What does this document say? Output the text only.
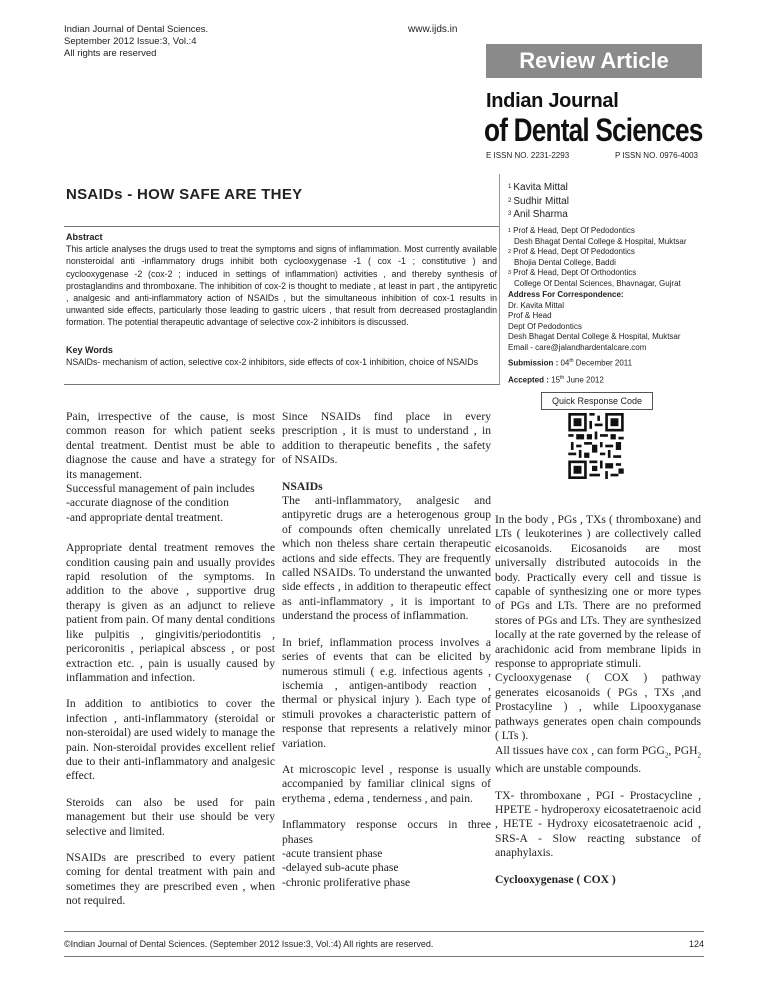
Indian Journal of Dental Sciences.
September 2012 Issue:3, Vol.:4
All rights are reserved
www.ijds.in
Review Article
Indian Journal
of Dental Sciences
E ISSN NO. 2231-2293	P ISSN NO. 0976-4003
NSAIDs - HOW SAFE ARE THEY
Abstract
This article analyses the drugs used to treat the symptoms and signs of inflammation. Most currently available nonsteroidal anti -inflammatory drugs inhibit both cyclooxygenase -1 ( cox -1 ; constitutive ) and cyclooxygenase -2 (cox-2 ; induced in settings of inflammation) activities , and thereby synthesis of prostaglandins and thromboxane. The inhibition of cox-2 is thought to mediate , at least in part , the antipyretic , analgesic and anti-inflammatory action of NSAIDs , but the simultaneous inhibition of cox-1 results in unwanted side effects, particularly those leading to gastric ulcers , that result from decreased prostaglandin formation. The potential therapeutic advantage of selective cox-2 inhibitors is discussed.
Key Words
NSAIDs- mechanism of action, selective cox-2 inhibitors, side effects of cox-1 inhibition, choice of NSAIDs
$^1$ Kavita Mittal
$^2$ Sudhir Mittal
$^3$ Anil Sharma
$^1$ Prof & Head, Dept Of Pedodontics
Desh Bhagat Dental College & Hospital, Muktsar
$^2$ Prof & Head, Dept Of Pedodontics
Bhojia Dental College, Baddi
$^3$ Prof & Head, Dept Of Orthodontics
College Of Dental Sciences, Bhavnagar, Gujrat
Address For Correspondence:
Dr. Kavita Mittal
Prof & Head
Dept Of Pedodontics
Desh Bhagat Dental College & Hospital, Muktsar
Email - care@jalandhardentalcare.com
Submission : 04th December 2011
Accepted : 15th June 2012
Quick Response Code

Pain, irrespective of the cause, is most common reason for which patient seeks dental treatment. Dentist must be able to diagnose the cause and have a strategy for its management.

Successful management of pain includes

-accurate diagnose of the condition

-and appropriate dental treatment.

Appropriate dental treatment removes the condition causing pain and usually provides rapid resolution of the symptoms. In addition to the above , supportive drug therapy is given as an adjunct to relieve patient from pain. Of many dental conditions like pulpitis , gingivitis/periodontitis , pericoronitis , periapical abscess , or post extraction etc. , pain is usually caused by inflammation and infection.

In addition to antibiotics to cover the infection , anti-inflammatory (steroidal or non-steroidal) are used widely to manage the pain. Non-steroidal provides excellent relief due to their anti-inflammatory and analgesic effect.

Steroids can also be used for pain management but their use should be very selective and limited.

NSAIDs are prescribed to every patient coming for dental treatment with pain and sometimes they are prescribed even , when not required.

Since NSAIDs find place in every prescription , it is must to understand , in addition to therapeutic benefits , the safety of NSAIDs.

NSAIDs

The anti-inflammatory, analgesic and antipyretic drugs are a heterogenous group of compounds often chemically unrelated which non theless share certain therapeutic actions and side effects. They are frequently called NSAIDs. To understand the unwanted side effects , in addition to therapeutic effect as anti-inflammatory , it is important to understand the process of inflammation.

In brief, inflammation process involves a series of events that can be elicited by numerous stimuli ( e.g. infectious agents , ischemia , antigen-antibody reaction , thermal or physical injury ). Each type of stimuli provokes a characteristic pattern of response that represents a relatively minor variation.

At microscopic level , response is usually accompanied by familiar clinical signs of erythema , edema , tenderness , and pain.

Inflammatory response occurs in three phases

-acute transient phase

-delayed sub-acute phase

-chronic proliferative phase

In the body , PGs , TXs ( thromboxane) and LTs ( leukoterines ) are collectively called eicosanoids. Eicosanoids are most universally distributed autocoids in the body. Practically every cell and tissue is capable of synthesizing one or more types of PGs and LTs. There are no preformed stores of PGs and LTs. They are synthesized locally at the rate governed by the release of arachidonic acid from membrane lipids in response to appropriate stimuli.

Cyclooxygenase ( COX ) pathway generates eicosanoids ( PGs , TXs ,and Prostacyline ) , while Lipooxyganase pathways generates open chain compounds ( LTs ).

All tissues have cox , can form $PGG_2$, $PGH_2$ which are unstable compounds.

TX- thromboxane , PGI - Prostacycline , HPETE - hydroperoxy eicosatetraenoic acid , HETE - Hydroxy eicosatetraenoic acid , SRS-A - Slow reacting substance of anaphylaxis.

Cyclooxygenase ( COX )

©Indian Journal of Dental Sciences. (September 2012 Issue:3, Vol.:4) All rights are reserved.	124
